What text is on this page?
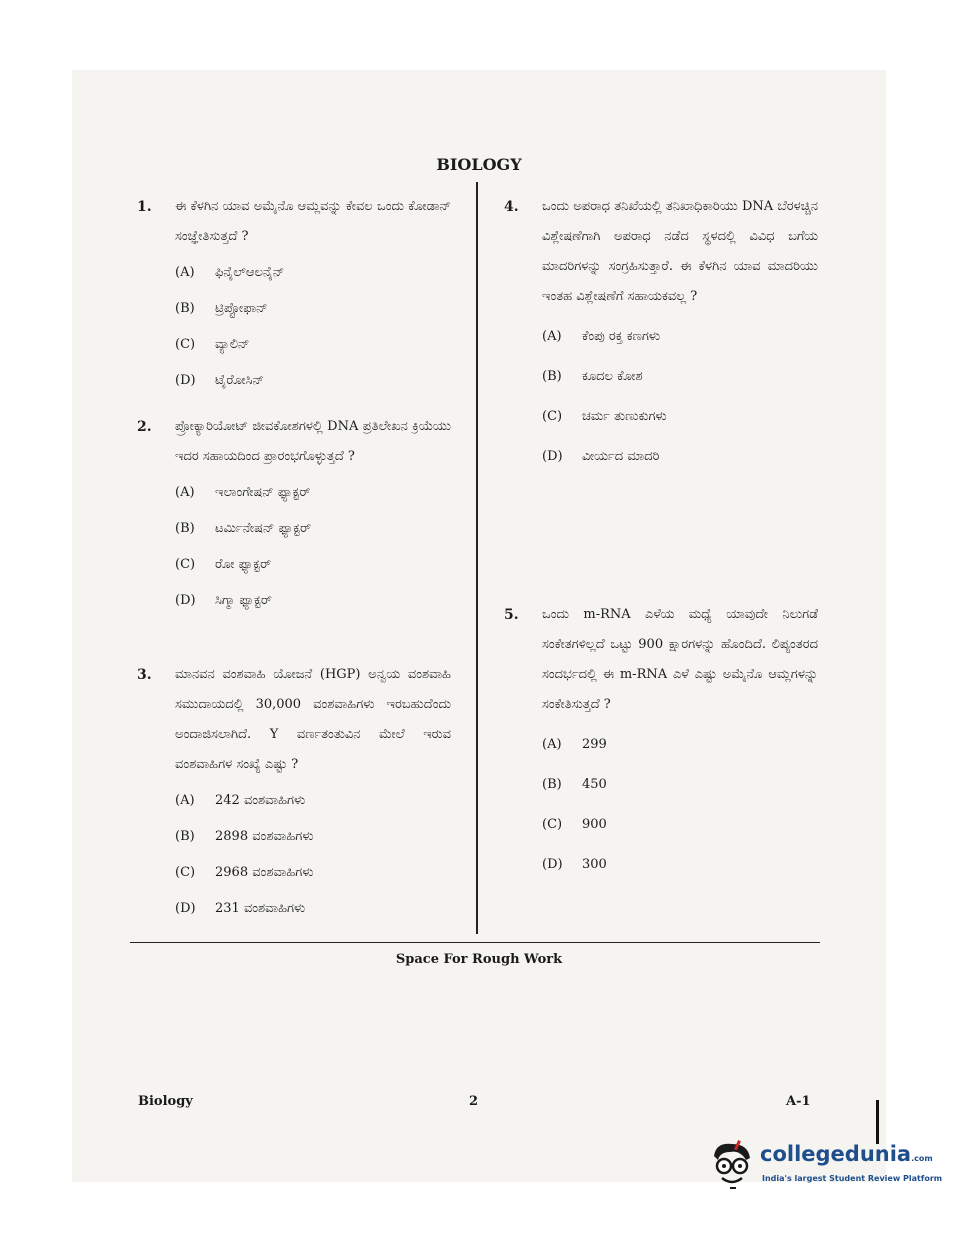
BIOLOGY
1. ಈ ಕೆಳಗಿನ ಯಾವ ಅಮೈನೊ ಆಮ್ಲವನ್ನು ಕೇವಲ ಒಂದು ಕೋಡಾನ್ ಸಂಜ್ಞೇತಿಸುತ್ತದೆ ?
(A) ಫಿನೈಲ್ಆಲನೈನ್
(B) ಟ್ರಿಪ್ಟೋಫಾನ್
(C) ವ್ಯಾಲಿನ್
(D) ಟೈರೋಸಿನ್
2. ಪ್ರೋಕ್ಯಾರಿಯೋಟ್ ಜೀವಕೋಶಗಳಲ್ಲಿ DNA ಪ್ರತಿಲೇಖನ ಕ್ರಿಯೆಯು ಇದರ ಸಹಾಯದಿಂದ ಪ್ರಾರಂಭಗೊಳ್ಳುತ್ತದೆ ?
(A) ಇಲಾಂಗೇಷನ್ ಫ್ಯಾಕ್ಟರ್
(B) ಟರ್ಮಿನೇಷನ್ ಫ್ಯಾಕ್ಟರ್
(C) ರೋ ಫ್ಯಾಕ್ಟರ್
(D) ಸಿಗ್ಮಾ ಫ್ಯಾಕ್ಟರ್
3. ಮಾನವನ ವಂಶವಾಹಿ ಯೋಜನೆ (HGP) ಅನ್ವಯ ವಂಶವಾಹಿ ಸಮುದಾಯದಲ್ಲಿ 30,000 ವಂಶವಾಹಿಗಳು ಇರಬಹುದೆಂದು ಅಂದಾಜಿಸಲಾಗಿದೆ. Y ವರ್ಣತಂತುವಿನ ಮೇಲೆ ಇರುವ ವಂಶವಾಹಿಗಳ ಸಂಖ್ಯೆ ಎಷ್ಟು ?
(A) 242 ವಂಶವಾಹಿಗಳು
(B) 2898 ವಂಶವಾಹಿಗಳು
(C) 2968 ವಂಶವಾಹಿಗಳು
(D) 231 ವಂಶವಾಹಿಗಳು
4. ಒಂದು ಅಪರಾಧ ತನಿಖೆಯಲ್ಲಿ ತನಿಖಾಧಿಕಾರಿಯು DNA ಬೆರಳಚ್ಚಿನ ವಿಶ್ಲೇಷಣೆಗಾಗಿ ಅಪರಾಧ ನಡೆದ ಸ್ಥಳದಲ್ಲಿ ವಿವಿಧ ಬಗೆಯ ಮಾದರಿಗಳನ್ನು ಸಂಗ್ರಹಿಸುತ್ತಾರೆ. ಈ ಕೆಳಗಿನ ಯಾವ ಮಾದರಿಯು ಇಂತಹ ವಿಶ್ಲೇಷಣೆಗೆ ಸಹಾಯಕವಲ್ಲ ?
(A) ಕೆಂಪು ರಕ್ತ ಕಣಗಳು
(B) ಕೂದಲ ಕೋಶ
(C) ಚರ್ಮ ತುಣುಕುಗಳು
(D) ವೀರ್ಯದ ಮಾದರಿ
5. ಒಂದು m-RNA ಎಳೆಯ ಮಧ್ಯೆ ಯಾವುದೇ ನಿಲುಗಡೆ ಸಂಕೇತಗಳಿಲ್ಲದೆ ಒಟ್ಟು 900 ಕ್ಷಾರಗಳನ್ನು ಹೊಂದಿದೆ. ಲಿಪ್ಯಂತರದ ಸಂದರ್ಭದಲ್ಲಿ ಈ m-RNA ಎಳೆ ಎಷ್ಟು ಅಮೈನೊ ಆಮ್ಲಗಳನ್ನು ಸಂಕೇತಿಸುತ್ತದೆ ?
(A) 299
(B) 450
(C) 900
(D) 300
Space For Rough Work
Biology	2	A-1
collegedunia.com
India's largest Student Review Platform
